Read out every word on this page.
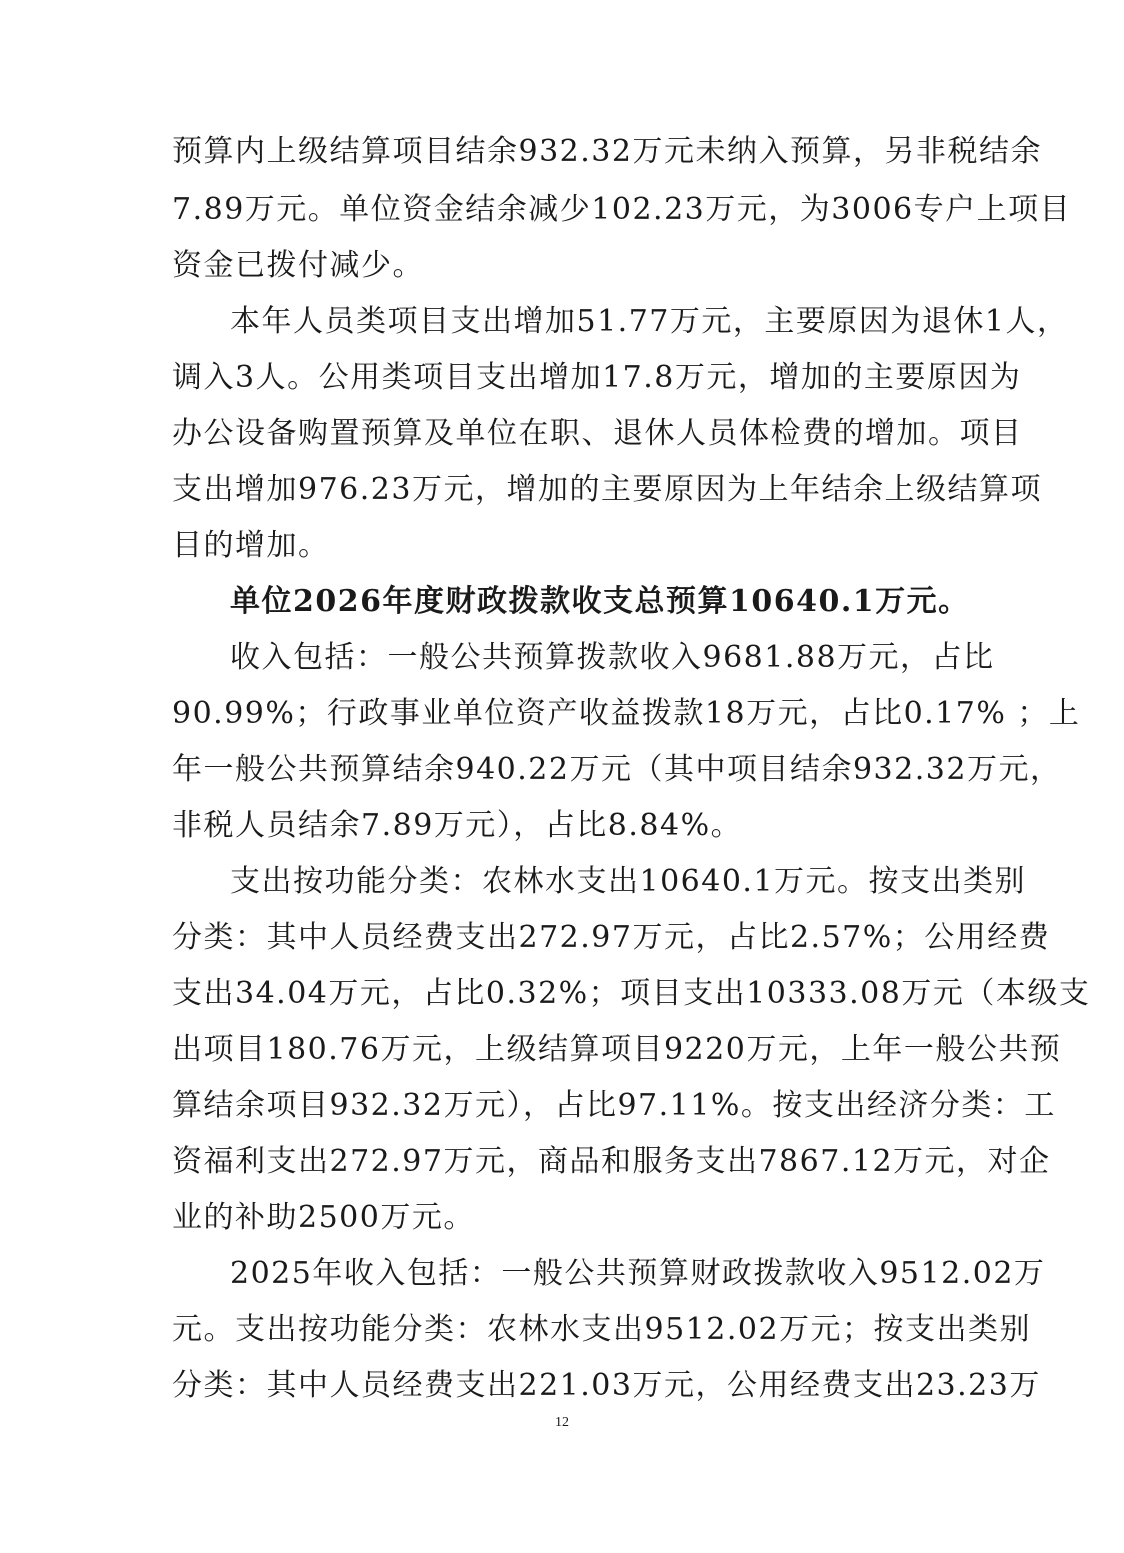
预算内上级结算项目结余932.32万元未纳入预算，另非税结余
7.89万元。单位资金结余减少102.23万元，为3006专户上项目
资金已拨付减少。
本年人员类项目支出增加51.77万元，主要原因为退休1人，
调入3人。公用类项目支出增加17.8万元，增加的主要原因为
办公设备购置预算及单位在职、退休人员体检费的增加。项目
支出增加976.23万元，增加的主要原因为上年结余上级结算项
目的增加。
单位2026年度财政拨款收支总预算10640.1万元。
收入包括：一般公共预算拨款收入9681.88万元，占比
90.99%；行政事业单位资产收益拨款18万元，占比0.17% ；上
年一般公共预算结余940.22万元（其中项目结余932.32万元，
非税人员结余7.89万元），占比8.84%。
支出按功能分类：农林水支出10640.1万元。按支出类别
分类：其中人员经费支出272.97万元，占比2.57%；公用经费
支出34.04万元，占比0.32%；项目支出10333.08万元（本级支
出项目180.76万元，上级结算项目9220万元，上年一般公共预
算结余项目932.32万元），占比97.11%。按支出经济分类：工
资福利支出272.97万元，商品和服务支出7867.12万元，对企
业的补助2500万元。
2025年收入包括：一般公共预算财政拨款收入9512.02万
元。支出按功能分类：农林水支出9512.02万元；按支出类别
分类：其中人员经费支出221.03万元，公用经费支出23.23万
12
